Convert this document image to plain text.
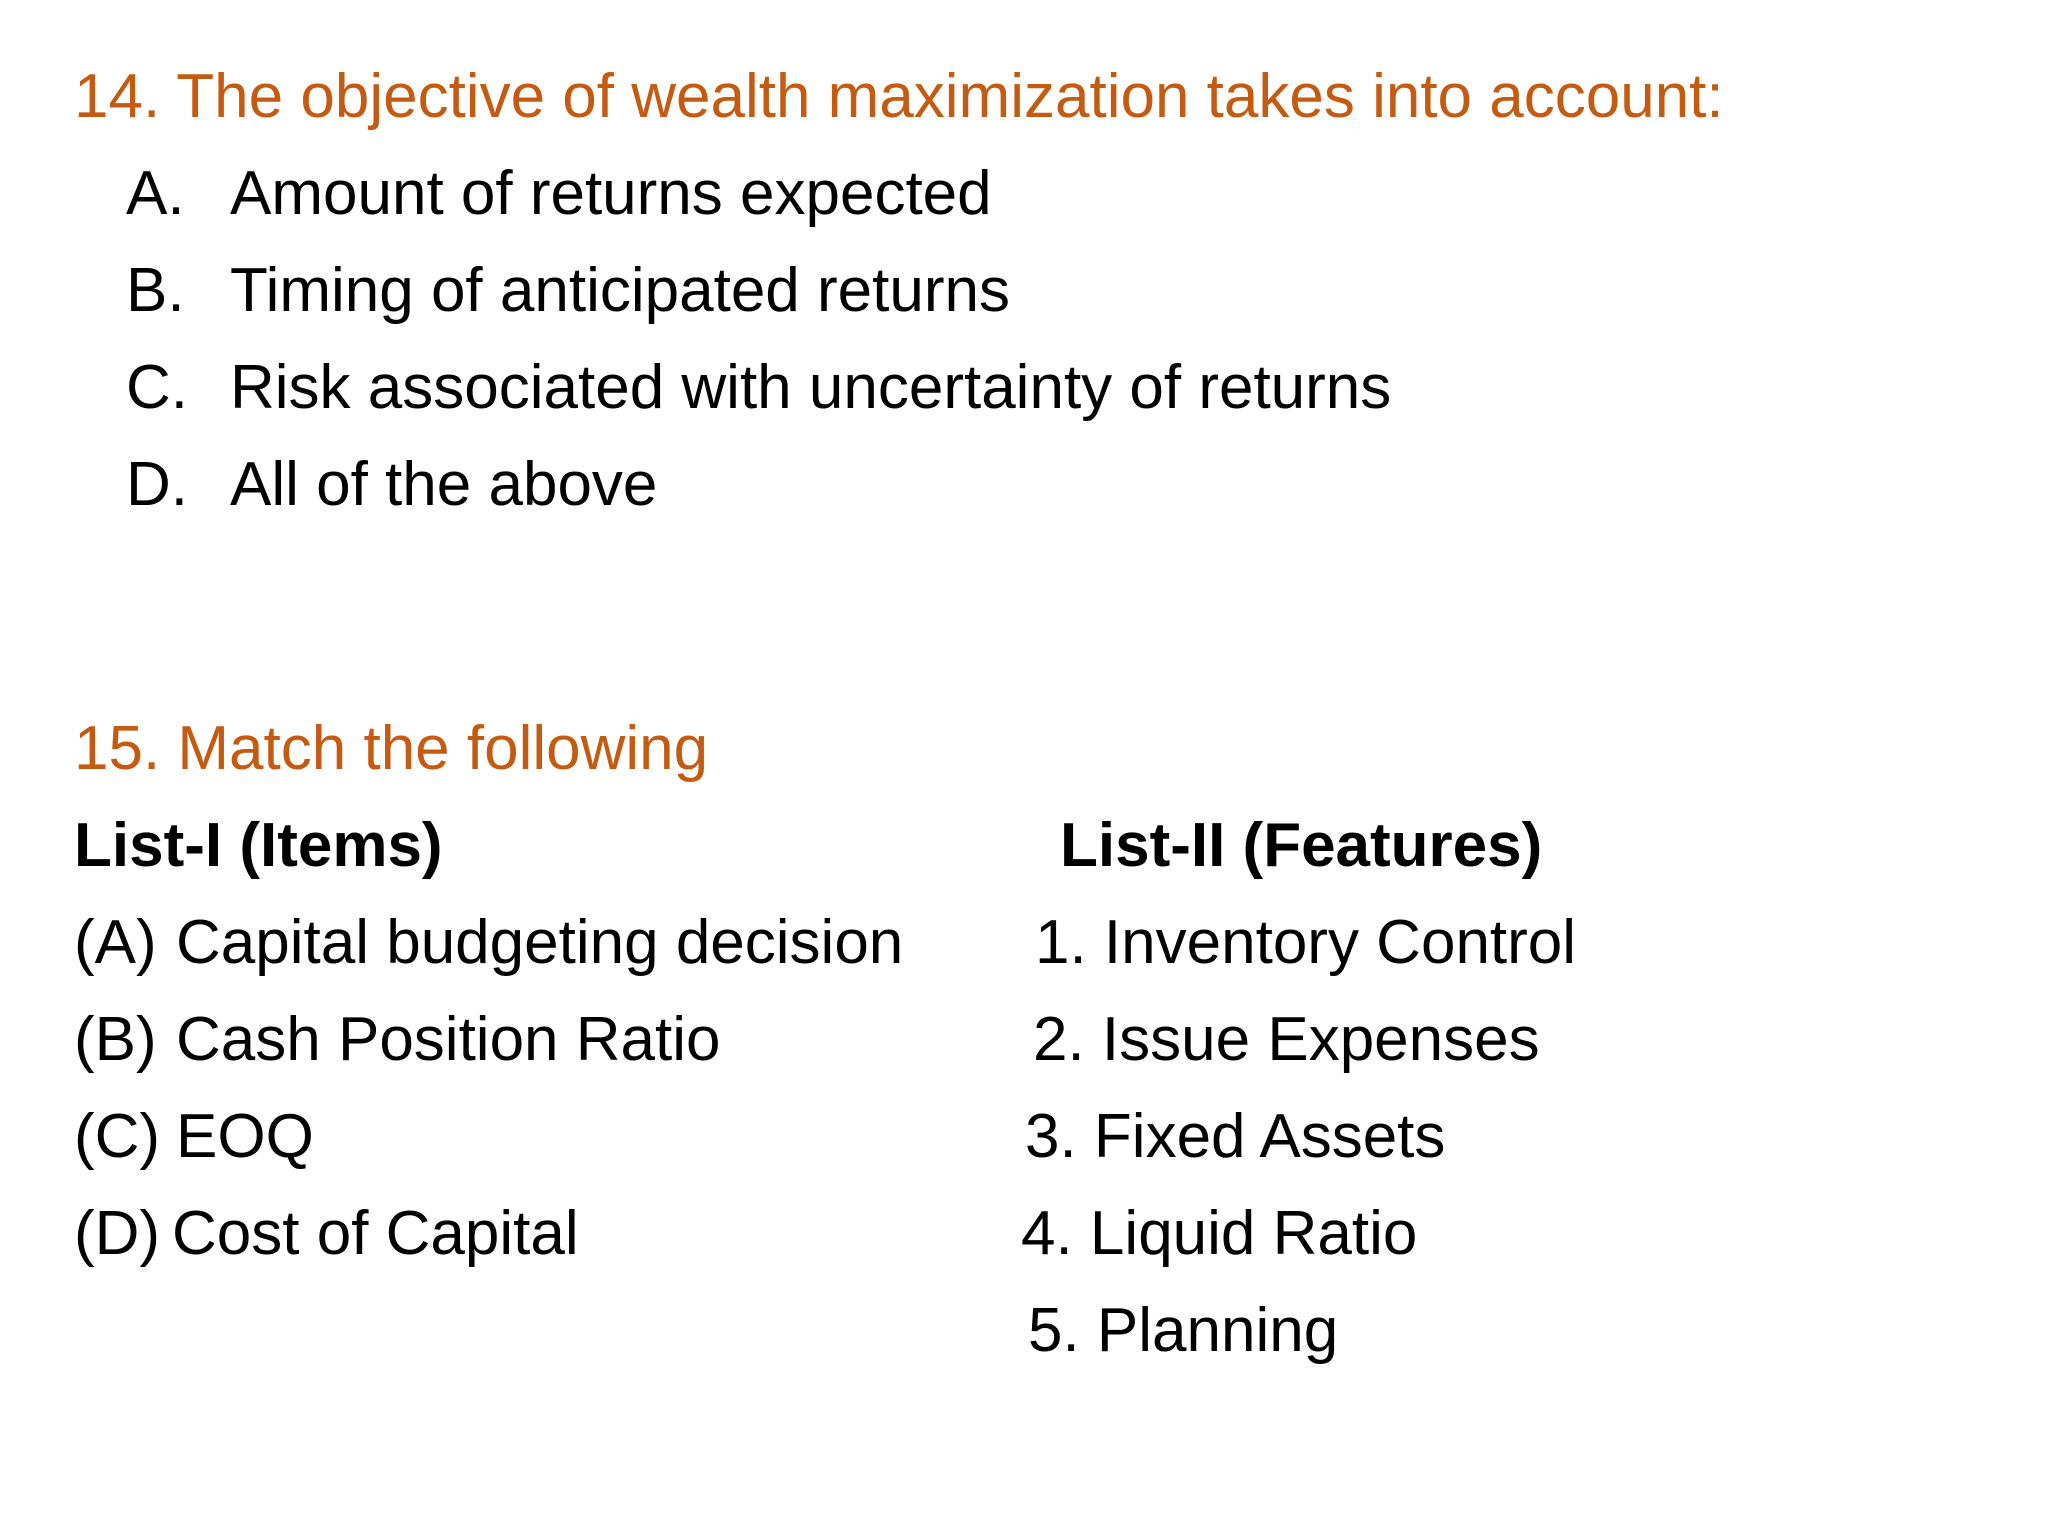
14. The objective of wealth maximization takes into account:
A. Amount of returns expected
B. Timing of anticipated returns
C. Risk associated with uncertainty of returns
D. All of the above
15. Match the following
List-I (Items)	List-II (Features)
(A) Capital budgeting decision
(B) Cash Position Ratio
(C) EOQ
(D) Cost of Capital

1. Inventory Control

2. Issue Expenses

3. Fixed Assets

4. Liquid Ratio

5. Planning
